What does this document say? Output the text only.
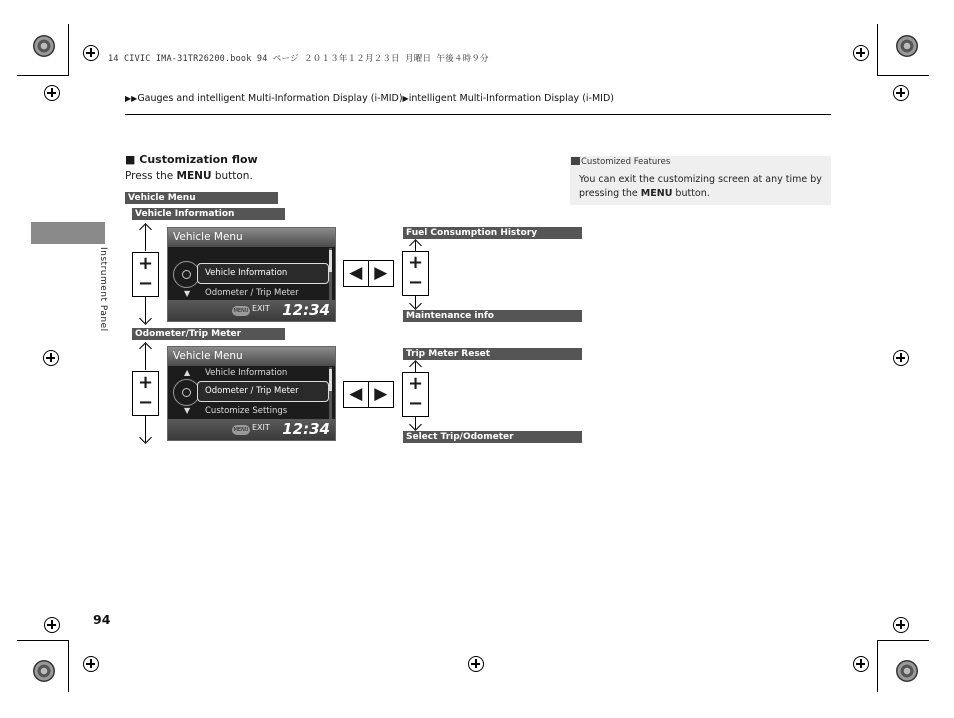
14 CIVIC IMA-31TR26200.book 94 ページ ２０１３年１２月２３日 月曜日 午後４時９分
▶▶Gauges and intelligent Multi-Information Display (i-MID)▶intelligent Multi-Information Display (i-MID)
Instrument Panel
■ Customization flow
Press the MENU button.
Customized Features
You can exit the customizing screen at any time by pressing the MENU button.
Vehicle Menu
Vehicle Information
Odometer/Trip Meter
Fuel Consumption History
Maintenance info
Trip Meter Reset
Select Trip/Odometer
+
−
+
−
Vehicle Menu
Vehicle Information
▼ Odometer / Trip Meter
MENU EXIT 12:34
Vehicle Menu
▲ Vehicle Information
Odometer / Trip Meter
▼ Customize Settings
MENU EXIT 12:34
◀ ▶
◀ ▶
+
−
+
−
94
